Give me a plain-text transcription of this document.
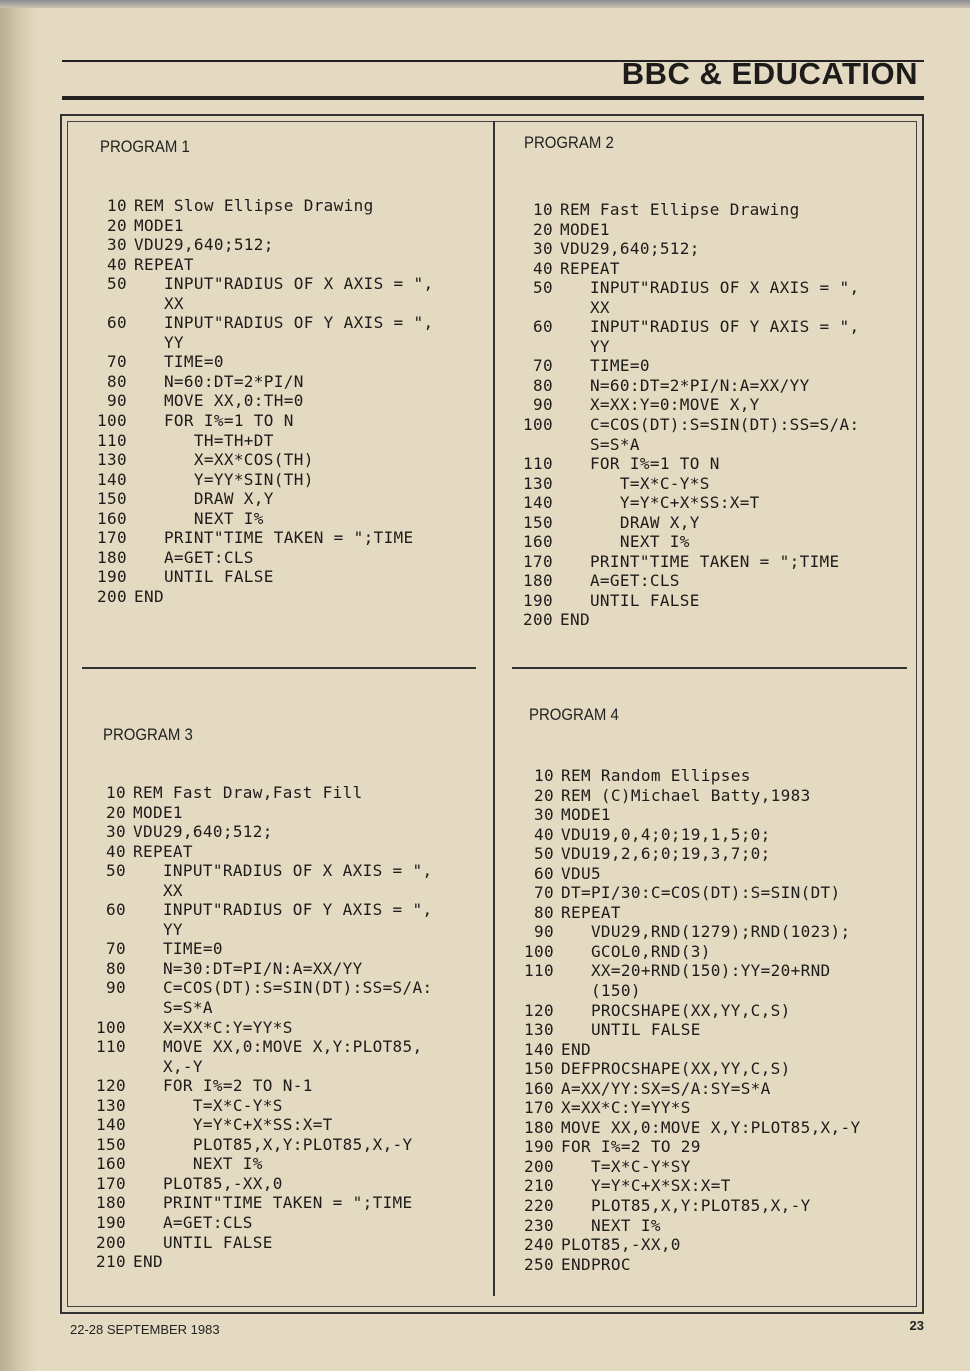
BBC & EDUCATION
PROGRAM 1
10 REM Slow Ellipse Drawing
20 MODE1
30 VDU29,640;512;
40 REPEAT
50 INPUT"RADIUS OF X AXIS = ",
XX
60 INPUT"RADIUS OF Y AXIS = ",
YY
70 TIME=0
80 N=60:DT=2*PI/N
90 MOVE XX,0:TH=0
100 FOR I%=1 TO N
110 TH=TH+DT
130 X=XX*COS(TH)
140 Y=YY*SIN(TH)
150 DRAW X,Y
160 NEXT I%
170 PRINT"TIME TAKEN = ";TIME
180 A=GET:CLS
190 UNTIL FALSE
200 END
PROGRAM 2
10 REM Fast Ellipse Drawing
20 MODE1
30 VDU29,640;512;
40 REPEAT
50 INPUT"RADIUS OF X AXIS = ",
XX
60 INPUT"RADIUS OF Y AXIS = ",
YY
70 TIME=0
80 N=60:DT=2*PI/N:A=XX/YY
90 X=XX:Y=0:MOVE X,Y
100 C=COS(DT):S=SIN(DT):SS=S/A:
S=S*A
110 FOR I%=1 TO N
130 T=X*C-Y*S
140 Y=Y*C+X*SS:X=T
150 DRAW X,Y
160 NEXT I%
170 PRINT"TIME TAKEN = ";TIME
180 A=GET:CLS
190 UNTIL FALSE
200 END
PROGRAM 3
10 REM Fast Draw,Fast Fill
20 MODE1
30 VDU29,640;512;
40 REPEAT
50 INPUT"RADIUS OF X AXIS = ",
XX
60 INPUT"RADIUS OF Y AXIS = ",
YY
70 TIME=0
80 N=30:DT=PI/N:A=XX/YY
90 C=COS(DT):S=SIN(DT):SS=S/A:
S=S*A
100 X=XX*C:Y=YY*S
110 MOVE XX,0:MOVE X,Y:PLOT85,
X,-Y
120 FOR I%=2 TO N-1
130 T=X*C-Y*S
140 Y=Y*C+X*SS:X=T
150 PLOT85,X,Y:PLOT85,X,-Y
160 NEXT I%
170 PLOT85,-XX,0
180 PRINT"TIME TAKEN = ";TIME
190 A=GET:CLS
200 UNTIL FALSE
210 END
PROGRAM 4
10 REM Random Ellipses
20 REM (C)Michael Batty,1983
30 MODE1
40 VDU19,0,4;0;19,1,5;0;
50 VDU19,2,6;0;19,3,7;0;
60 VDU5
70 DT=PI/30:C=COS(DT):S=SIN(DT)
80 REPEAT
90 VDU29,RND(1279);RND(1023);
100 GCOL0,RND(3)
110 XX=20+RND(150):YY=20+RND
(150)
120 PROCSHAPE(XX,YY,C,S)
130 UNTIL FALSE
140 END
150 DEFPROCSHAPE(XX,YY,C,S)
160 A=XX/YY:SX=S/A:SY=S*A
170 X=XX*C:Y=YY*S
180 MOVE XX,0:MOVE X,Y:PLOT85,X,-Y
190 FOR I%=2 TO 29
200 T=X*C-Y*SY
210 Y=Y*C+X*SX:X=T
220 PLOT85,X,Y:PLOT85,X,-Y
230 NEXT I%
240 PLOT85,-XX,0
250 ENDPROC
22-28 SEPTEMBER 1983	23
